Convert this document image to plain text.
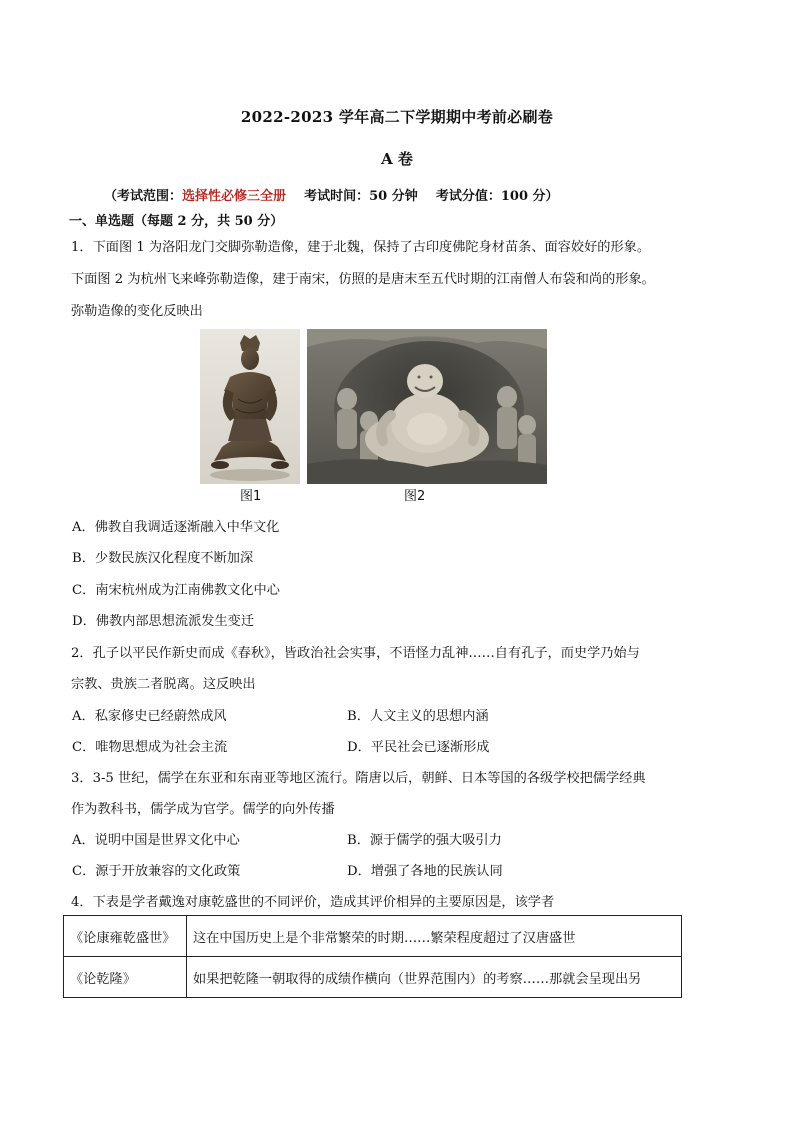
2022-2023 学年高二下学期期中考前必刷卷
A 卷
（考试范围：选择性必修三全册 考试时间：50 分钟 考试分值：100 分）
一、单选题（每题 2 分，共 50 分）
1．下面图 1 为洛阳龙门交脚弥勒造像，建于北魏，保持了古印度佛陀身材苗条、面容姣好的形象。
下面图 2 为杭州飞来峰弥勒造像，建于南宋，仿照的是唐末至五代时期的江南僧人布袋和尚的形象。
弥勒造像的变化反映出
图1	图2
A．佛教自我调适逐渐融入中华文化
B．少数民族汉化程度不断加深
C．南宋杭州成为江南佛教文化中心
D．佛教内部思想流派发生变迁
2．孔子以平民作新史而成《春秋》，皆政治社会实事，不语怪力乱神……自有孔子，而史学乃始与
宗教、贵族二者脱离。这反映出
A．私家修史已经蔚然成风	B．人文主义的思想内涵
C．唯物思想成为社会主流	D．平民社会已逐渐形成
3．3-5 世纪，儒学在东亚和东南亚等地区流行。隋唐以后，朝鲜、日本等国的各级学校把儒学经典
作为教科书，儒学成为官学。儒学的向外传播
A．说明中国是世界文化中心	B．源于儒学的强大吸引力
C．源于开放兼容的文化政策	D．增强了各地的民族认同
4．下表是学者戴逸对康乾盛世的不同评价，造成其评价相异的主要原因是，该学者
《论康雍乾盛世》	这在中国历史上是个非常繁荣的时期……繁荣程度超过了汉唐盛世
《论乾隆》	如果把乾隆一朝取得的成绩作横向（世界范围内）的考察……那就会呈现出另
